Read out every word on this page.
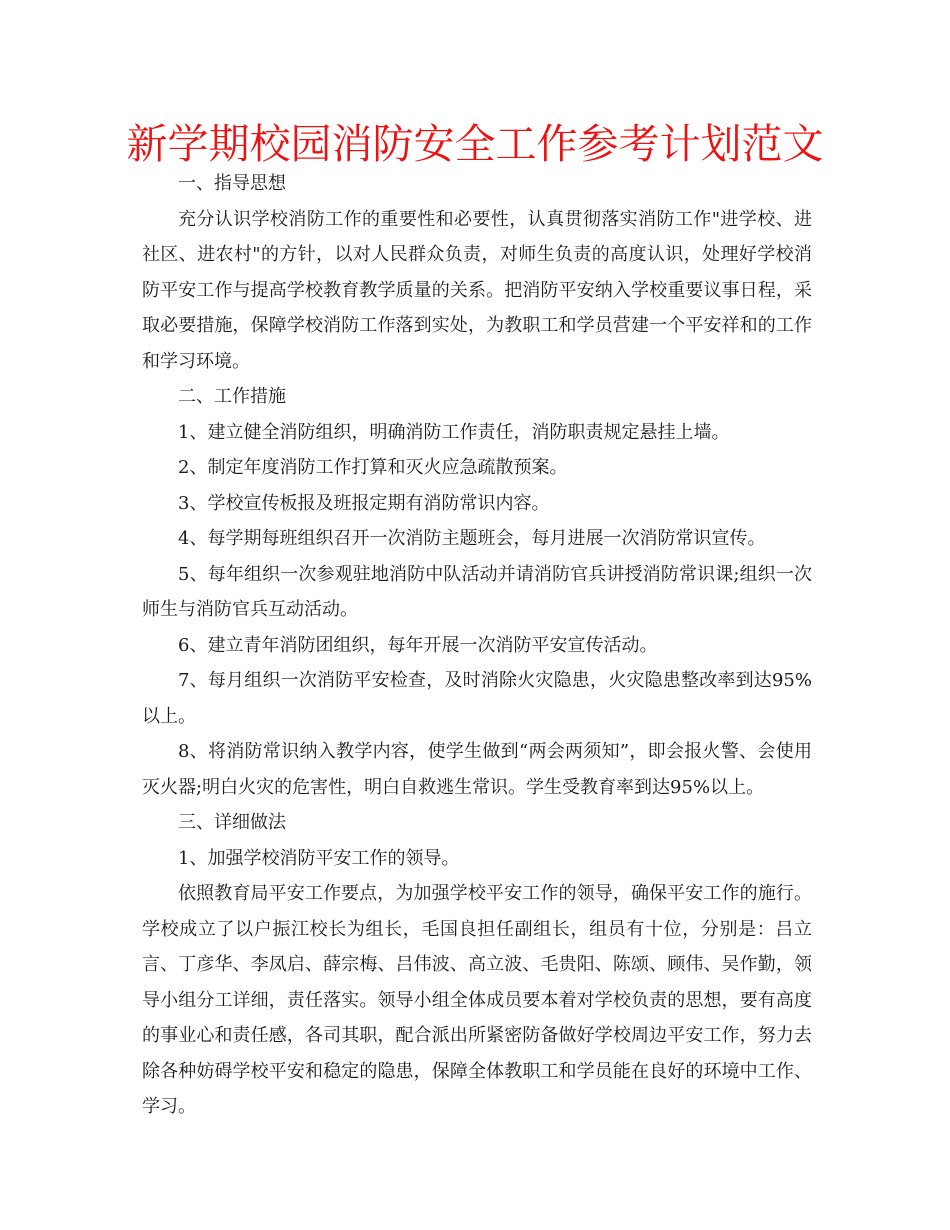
新学期校园消防安全工作参考计划范文

一、指导思想

充分认识学校消防工作的重要性和必要性，认真贯彻落实消防工作"进学校、进社区、进农村"的方针，以对人民群众负责，对师生负责的高度认识，处理好学校消防平安工作与提高学校教育教学质量的关系。把消防平安纳入学校重要议事日程，采取必要措施，保障学校消防工作落到实处，为教职工和学员营建一个平安祥和的工作和学习环境。

二、工作措施

1、建立健全消防组织，明确消防工作责任，消防职责规定悬挂上墙。

2、制定年度消防工作打算和灭火应急疏散预案。

3、学校宣传板报及班报定期有消防常识内容。

4、每学期每班组织召开一次消防主题班会，每月进展一次消防常识宣传。

5、每年组织一次参观驻地消防中队活动并请消防官兵讲授消防常识课;组织一次师生与消防官兵互动活动。

6、建立青年消防团组织，每年开展一次消防平安宣传活动。

7、每月组织一次消防平安检查，及时消除火灾隐患，火灾隐患整改率到达95%以上。

8、将消防常识纳入教学内容，使学生做到“两会两须知”，即会报火警、会使用灭火器;明白火灾的危害性，明白自救逃生常识。学生受教育率到达95%以上。

三、详细做法

1、加强学校消防平安工作的领导。

依照教育局平安工作要点，为加强学校平安工作的领导，确保平安工作的施行。学校成立了以户振江校长为组长，毛国良担任副组长，组员有十位，分别是：吕立言、丁彦华、李凤启、薛宗梅、吕伟波、高立波、毛贵阳、陈颂、顾伟、吴作勤，领导小组分工详细，责任落实。领导小组全体成员要本着对学校负责的思想，要有高度的事业心和责任感，各司其职，配合派出所紧密防备做好学校周边平安工作，努力去除各种妨碍学校平安和稳定的隐患，保障全体教职工和学员能在良好的环境中工作、学习。
